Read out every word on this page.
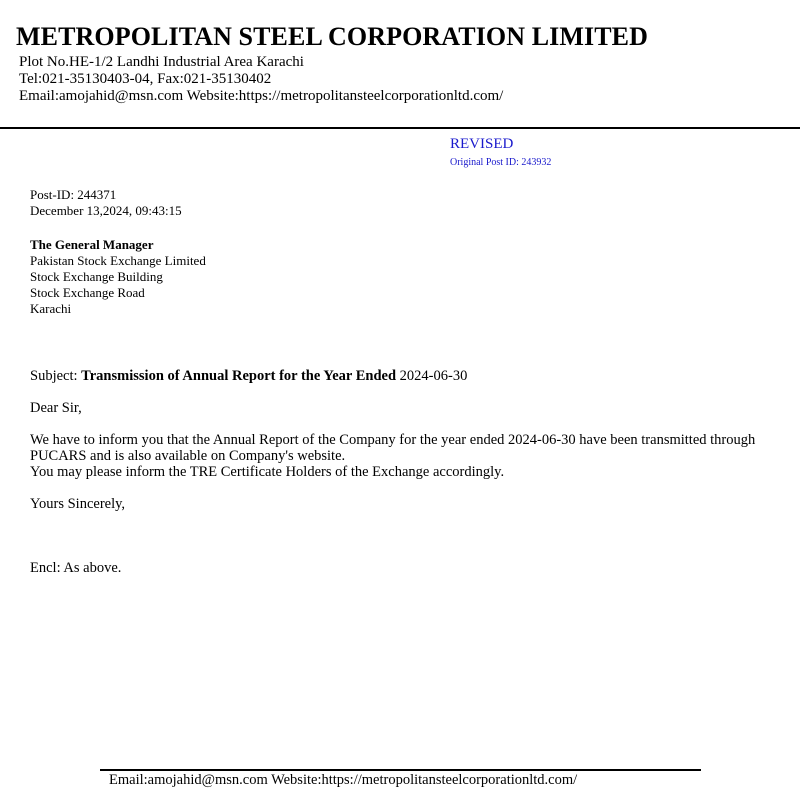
METROPOLITAN STEEL CORPORATION LIMITED
Plot No.HE-1/2 Landhi Industrial Area Karachi
Tel:021-35130403-04, Fax:021-35130402
Email:amojahid@msn.com Website:https://metropolitansteelcorporationltd.com/
REVISED
Original Post ID: 243932
Post-ID: 244371
December 13,2024, 09:43:15
The General Manager
Pakistan Stock Exchange Limited
Stock Exchange Building
Stock Exchange Road
Karachi
Subject: Transmission of Annual Report for the Year Ended 2024-06-30
Dear Sir,
We have to inform you that the Annual Report of the Company for the year ended 2024-06-30 have been transmitted through
PUCARS and is also available on Company's website.
You may please inform the TRE Certificate Holders of the Exchange accordingly.
Yours Sincerely,
Encl: As above.
Email:amojahid@msn.com Website:https://metropolitansteelcorporationltd.com/
